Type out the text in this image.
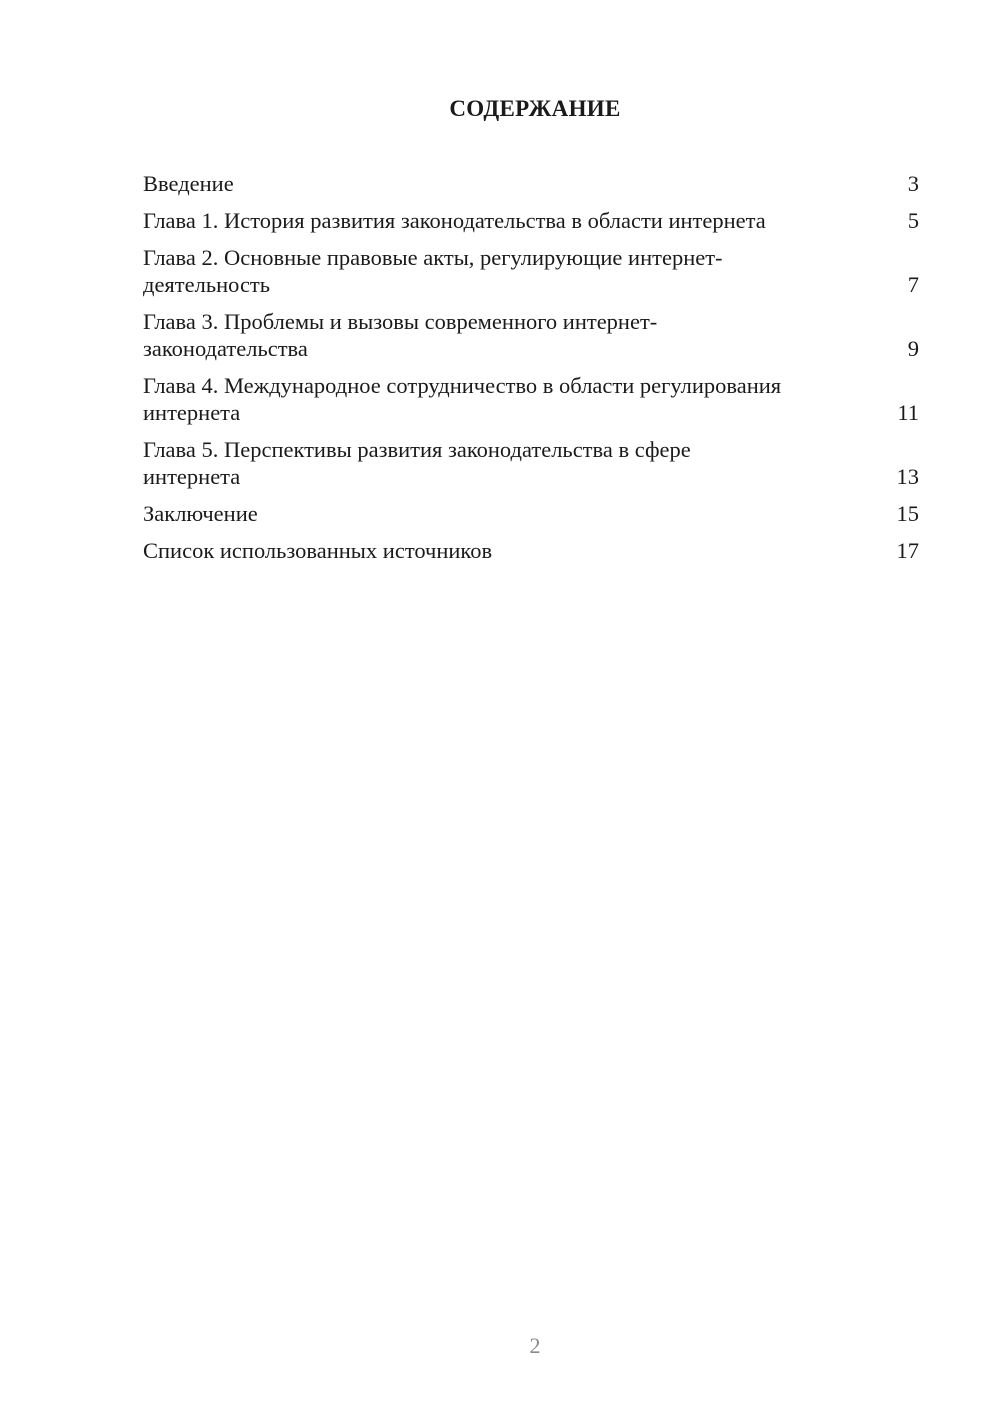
СОДЕРЖАНИЕ
Введение	3
Глава 1. История развития законодательства в области интернета	5
Глава 2. Основные правовые акты, регулирующие интернет-деятельность	7
Глава 3. Проблемы и вызовы современного интернет-законодательства	9
Глава 4. Международное сотрудничество в области регулирования интернета	11
Глава 5. Перспективы развития законодательства в сфере интернета	13
Заключение	15
Список использованных источников	17
2
